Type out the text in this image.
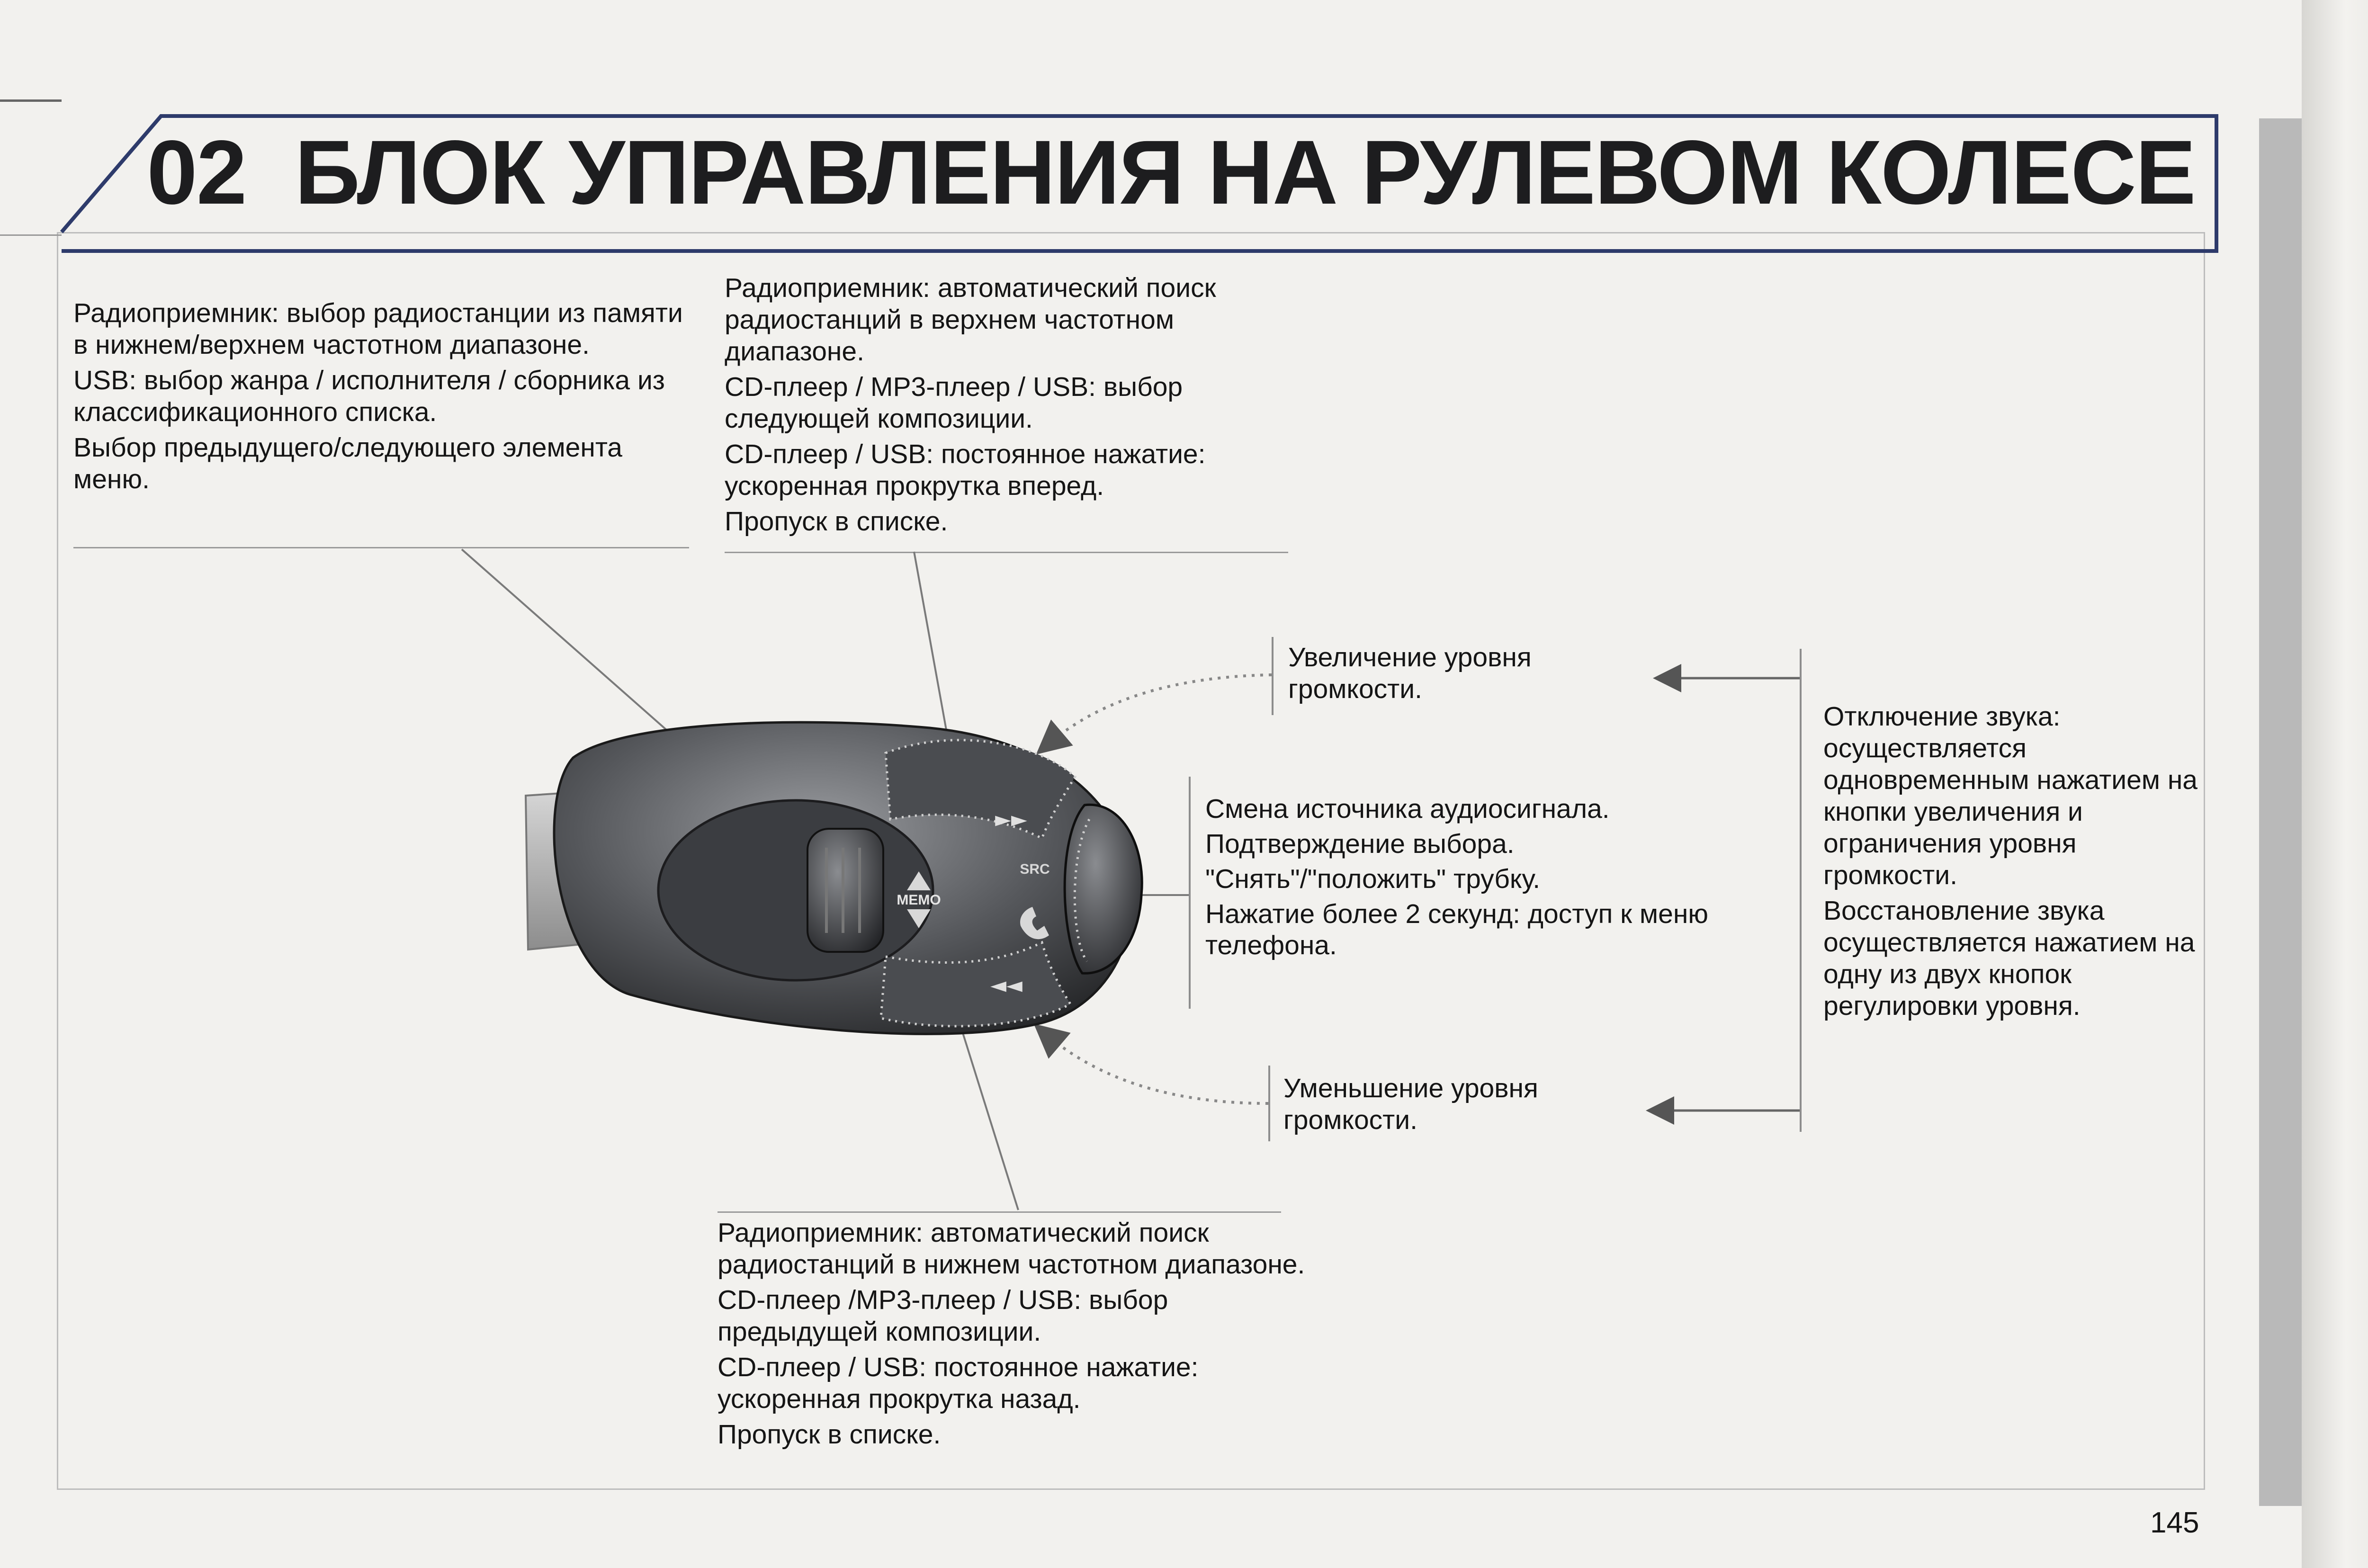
02 БЛОК УПРАВЛЕНИЯ НА РУЛЕВОМ КОЛЕСЕ

Радиоприемник: выбор радиостанции из памяти в нижнем/верхнем частотном диапазоне.

USB: выбор жанра / исполнителя / сборника из классификационного списка.

Выбор предыдущего/следующего элемента меню.

Радиоприемник: автоматический поиск радиостанций в верхнем частотном диапазоне.

CD-плеер / MP3-плеер / USB: выбор следующей композиции.

CD-плеер / USB: постоянное нажатие: ускоренная прокрутка вперед.

Пропуск в списке.

Увеличение уровня громкости.

Смена источника аудиосигнала.

Подтверждение выбора.

"Снять"/"положить" трубку.

Нажатие более 2 секунд: доступ к меню телефона.

Уменьшение уровня громкости.

Отключение звука: осуществляется одновременным нажатием на кнопки увеличения и ограничения уровня громкости.

Восстановление звука осуществляется нажатием на одну из двух кнопок регулировки уровня.

Радиоприемник: автоматический поиск радиостанций в нижнем частотном диапазоне.

CD-плеер /MP3-плеер / USB: выбор предыдущей композиции.

CD-плеер / USB: постоянное нажатие: ускоренная прокрутка назад.

Пропуск в списке.

MEMO
►►
◄◄
SRC
145
